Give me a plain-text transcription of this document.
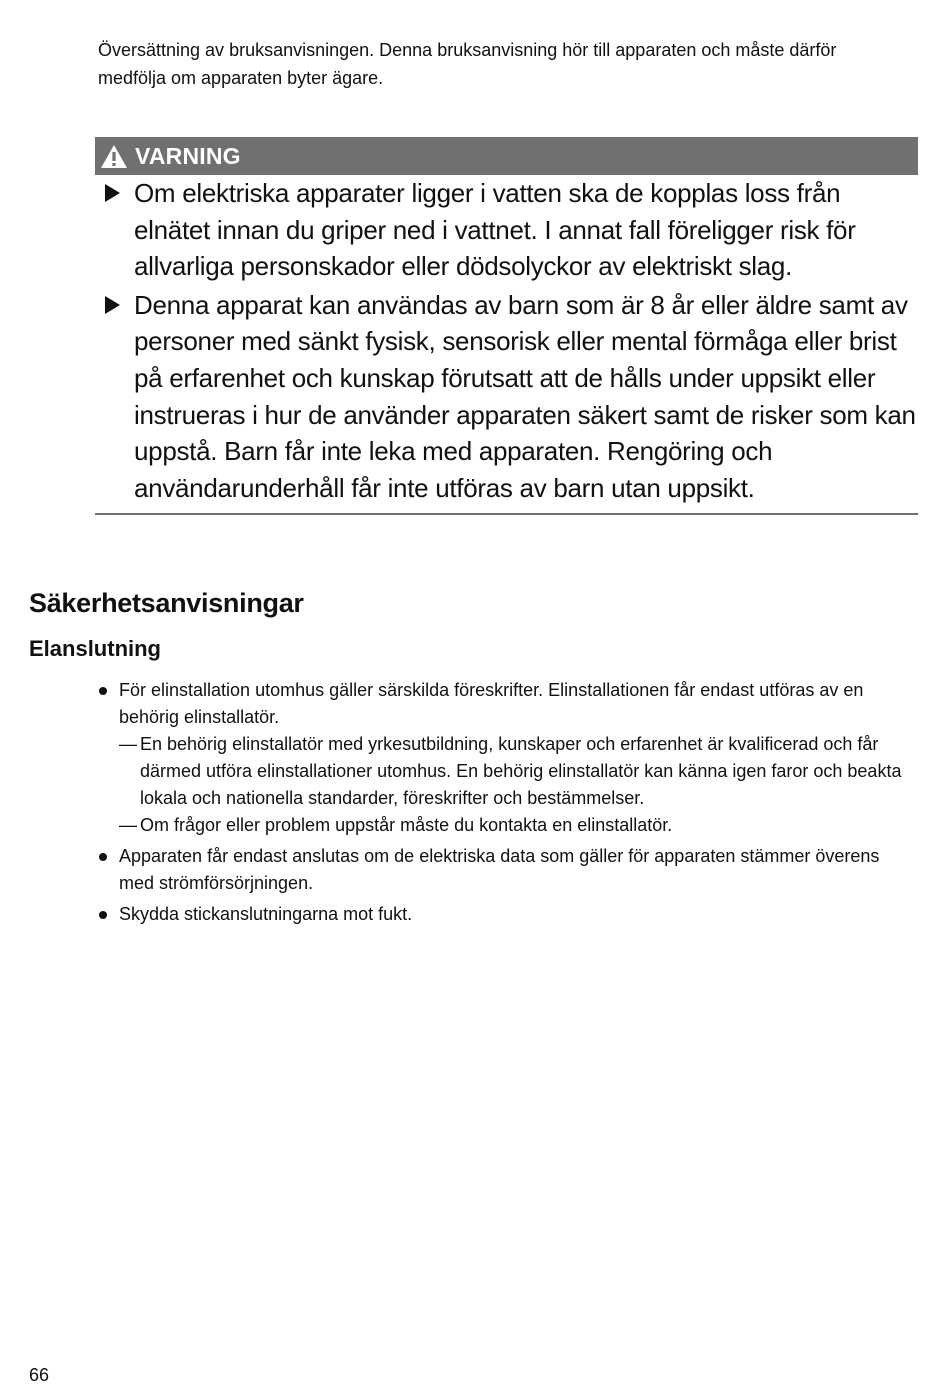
Översättning av bruksanvisningen. Denna bruksanvisning hör till apparaten och måste därför medfölja om apparaten byter ägare.
VARNING
Om elektriska apparater ligger i vatten ska de kopplas loss från elnätet innan du griper ned i vattnet. I annat fall föreligger risk för allvarliga personskador eller dödsolyckor av elektriskt slag.
Denna apparat kan användas av barn som är 8 år eller äldre samt av personer med sänkt fysisk, sensorisk eller mental förmåga eller brist på erfarenhet och kunskap förutsatt att de hålls under uppsikt eller instrueras i hur de använder apparaten säkert samt de risker som kan uppstå. Barn får inte leka med apparaten. Rengöring och användarunderhåll får inte utföras av barn utan uppsikt.
Säkerhetsanvisningar
Elanslutning
För elinstallation utomhus gäller särskilda föreskrifter. Elinstallationen får endast utföras av en behörig elinstallatör.
— En behörig elinstallatör med yrkesutbildning, kunskaper och erfarenhet är kvalificerad och får därmed utföra elinstallationer utomhus. En behörig elinstallatör kan känna igen faror och beakta lokala och nationella standarder, föreskrifter och bestämmelser.
— Om frågor eller problem uppstår måste du kontakta en elinstallatör.
Apparaten får endast anslutas om de elektriska data som gäller för apparaten stämmer överens med strömförsörjningen.
Skydda stickanslutningarna mot fukt.
66
